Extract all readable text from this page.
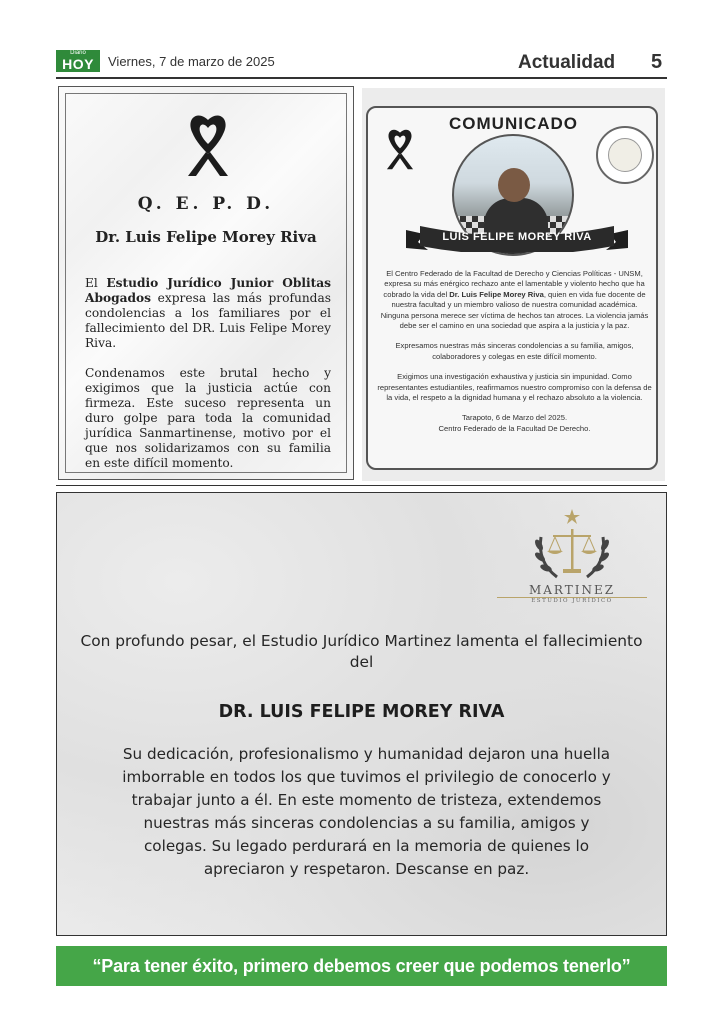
Diario
HOY	Viernes, 7 de marzo de 2025	Actualidad 5
Q. E. P. D.
Dr. Luis Felipe Morey Riva

El Estudio Jurídico Junior Oblitas Abogados expresa las más profundas condolencias a los familiares por el fallecimiento del DR. Luis Felipe Morey Riva.

Condenamos este brutal hecho y exigimos que la justicia actúe con firmeza. Este suceso representa un duro golpe para toda la comunidad jurídica Sanmartinense, motivo por el que nos solidarizamos con su familia en este difícil momento.

COMUNICADO
LUIS FELIPE MOREY RIVA

El Centro Federado de la Facultad de Derecho y Ciencias Políticas - UNSM, expresa su más enérgico rechazo ante el lamentable y violento hecho que ha cobrado la vida del Dr. Luis Felipe Morey Riva, quien en vida fue docente de nuestra facultad y un miembro valioso de nuestra comunidad académica.

Ninguna persona merece ser víctima de hechos tan atroces. La violencia jamás debe ser el camino en una sociedad que aspira a la justicia y la paz.

Expresamos nuestras más sinceras condolencias a su familia, amigos, colaboradores y colegas en este difícil momento.

Exigimos una investigación exhaustiva y justicia sin impunidad. Como representantes estudiantiles, reafirmamos nuestro compromiso con la defensa de la vida, el respeto a la dignidad humana y el rechazo absoluto a la violencia.

Tarapoto, 6 de Marzo del 2025.
Centro Federado de la Facultad De Derecho.

MARTINEZ
ESTUDIO JURÍDICO
Con profundo pesar, el Estudio Jurídico Martinez lamenta el fallecimiento del
DR. LUIS FELIPE MOREY RIVA
Su dedicación, profesionalismo y humanidad dejaron una huella imborrable en todos los que tuvimos el privilegio de conocerlo y trabajar junto a él. En este momento de tristeza, extendemos nuestras más sinceras condolencias a su familia, amigos y colegas. Su legado perdurará en la memoria de quienes lo apreciaron y respetaron. Descanse en paz.
“Para tener éxito, primero debemos creer que podemos tenerlo”
